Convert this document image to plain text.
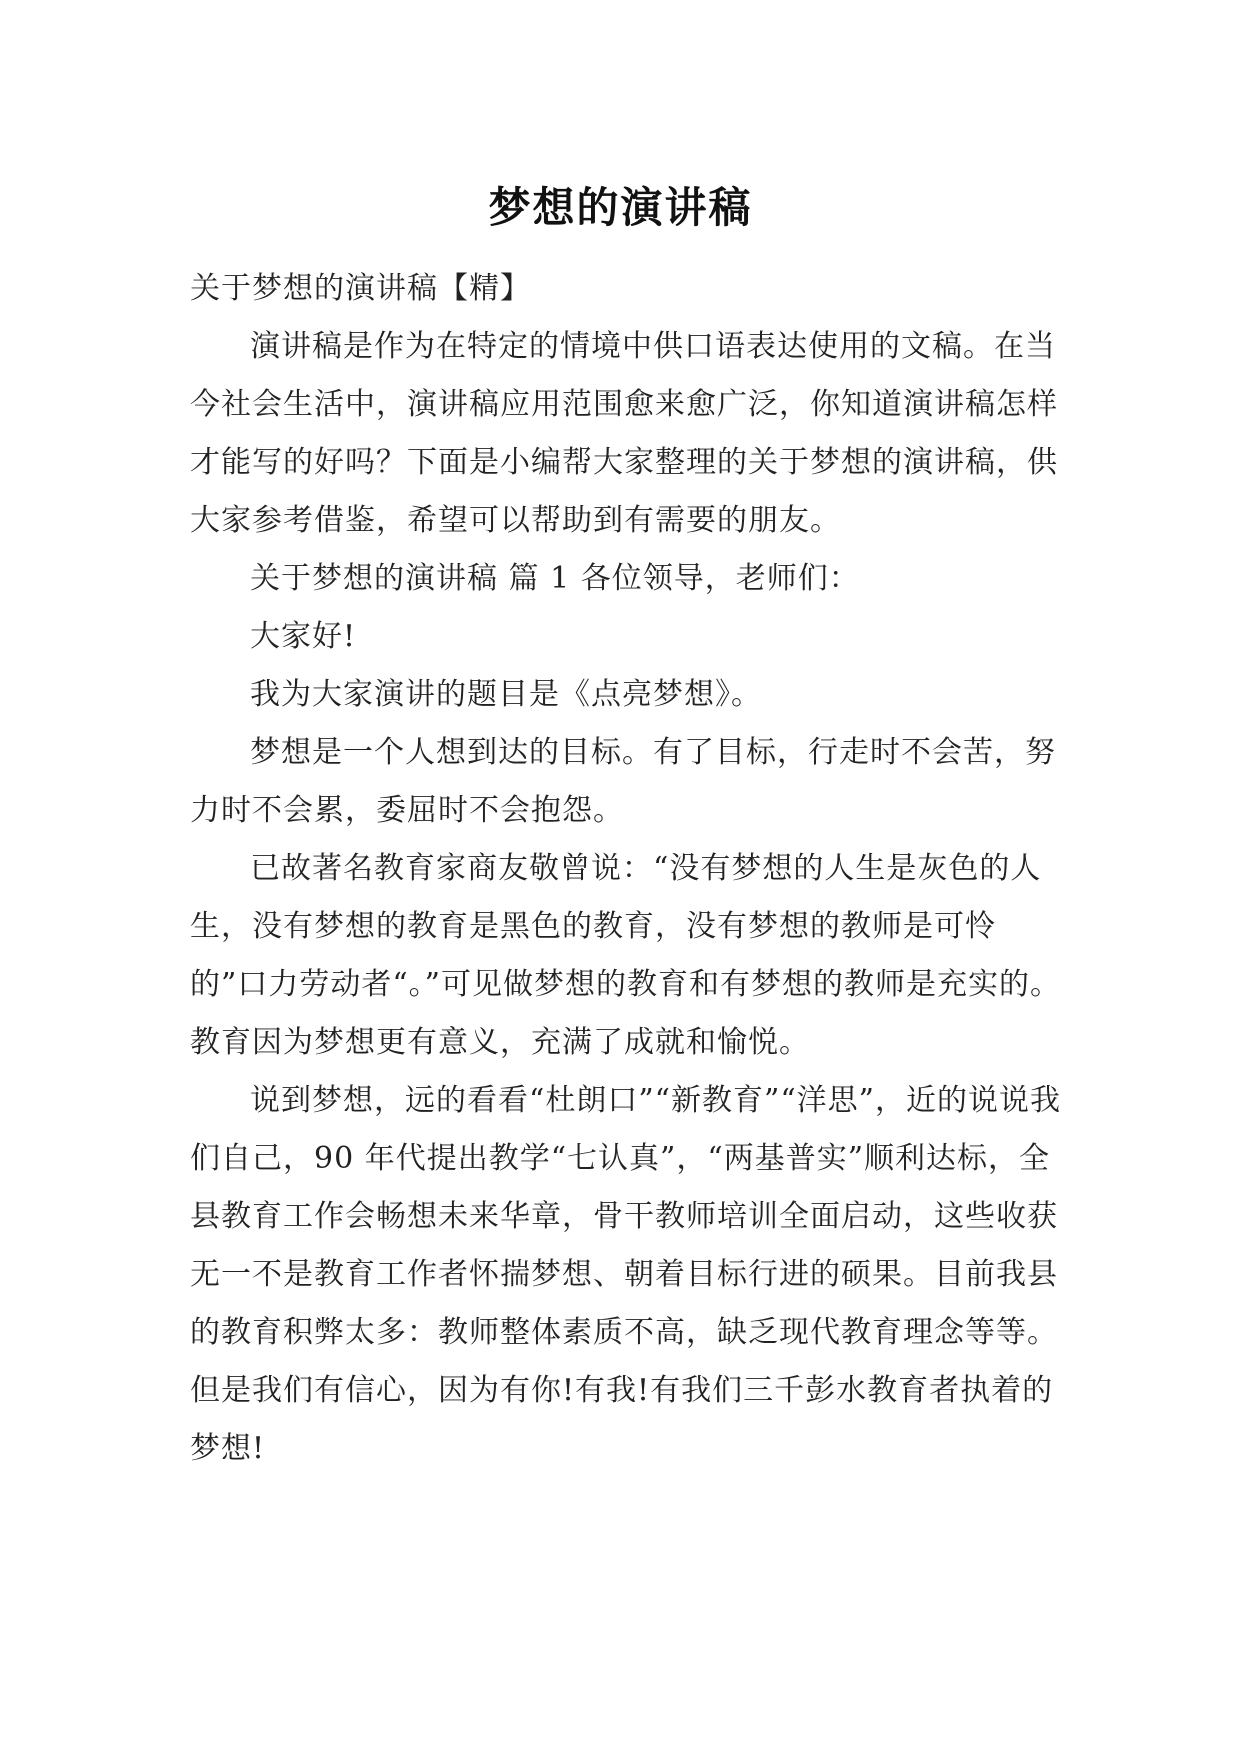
梦想的演讲稿

关于梦想的演讲稿【精】

演讲稿是作为在特定的情境中供口语表达使用的文稿。在当今社会生活中，演讲稿应用范围愈来愈广泛，你知道演讲稿怎样才能写的好吗？下面是小编帮大家整理的关于梦想的演讲稿，供大家参考借鉴，希望可以帮助到有需要的朋友。

关于梦想的演讲稿 篇 1 各位领导，老师们：

大家好!

我为大家演讲的题目是《点亮梦想》。

梦想是一个人想到达的目标。有了目标，行走时不会苦，努力时不会累，委屈时不会抱怨。

已故著名教育家商友敬曾说：“没有梦想的人生是灰色的人生，没有梦想的教育是黑色的教育，没有梦想的教师是可怜的”口力劳动者“。”可见做梦想的教育和有梦想的教师是充实的。教育因为梦想更有意义，充满了成就和愉悦。

说到梦想，远的看看“杜朗口”“新教育”“洋思”，近的说说我们自己，90 年代提出教学“七认真”，“两基普实”顺利达标，全县教育工作会畅想未来华章，骨干教师培训全面启动，这些收获无一不是教育工作者怀揣梦想、朝着目标行进的硕果。目前我县的教育积弊太多：教师整体素质不高，缺乏现代教育理念等等。但是我们有信心，因为有你!有我!有我们三千彭水教育者执着的梦想!
